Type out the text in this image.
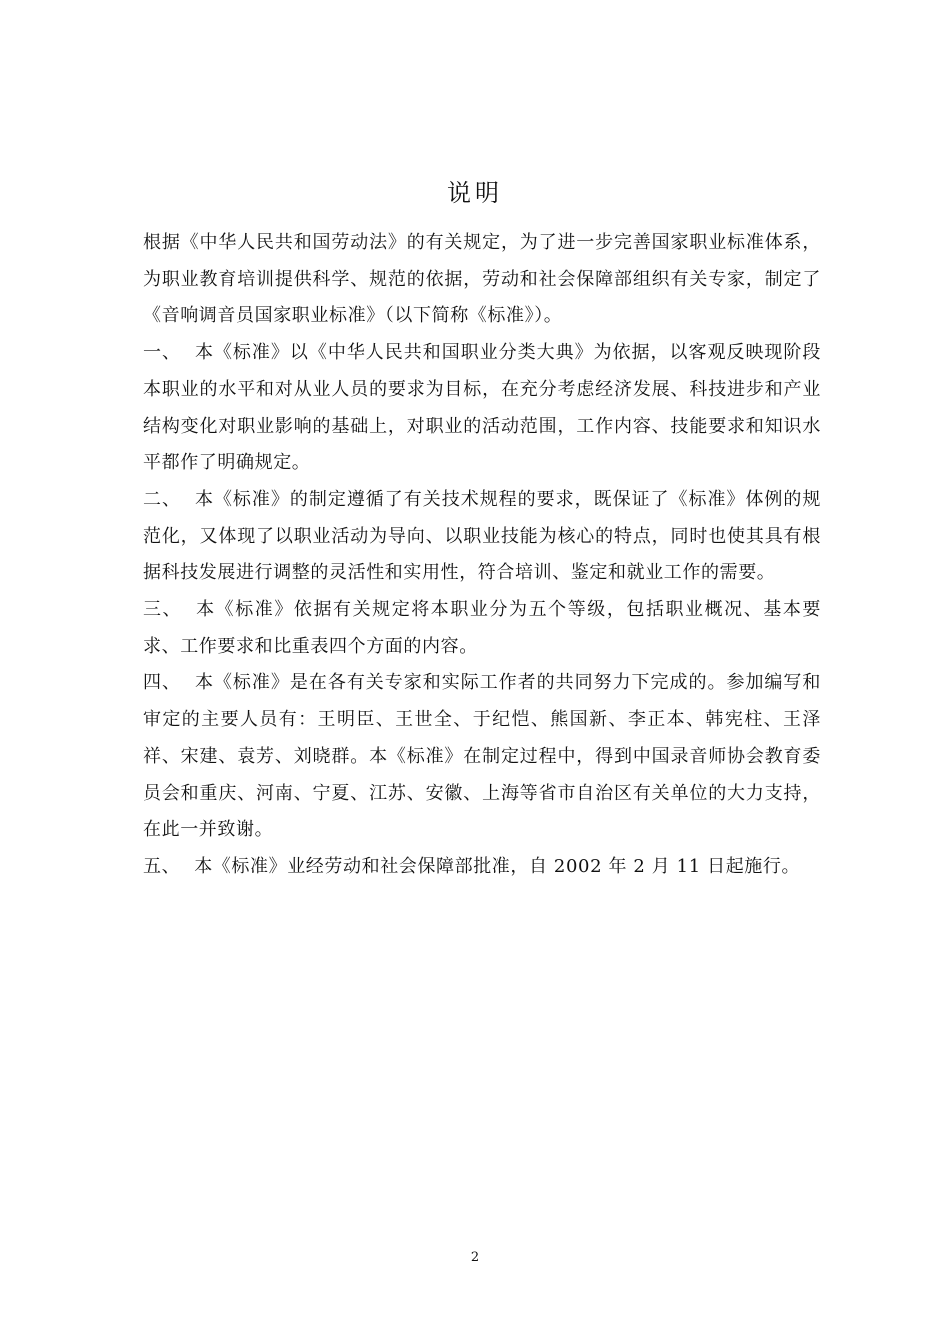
说明

根据《中华人民共和国劳动法》的有关规定，为了进一步完善国家职业标准体系，为职业教育培训提供科学、规范的依据，劳动和社会保障部组织有关专家，制定了《音响调音员国家职业标准》（以下简称《标准》）。

一、 本《标准》以《中华人民共和国职业分类大典》为依据，以客观反映现阶段本职业的水平和对从业人员的要求为目标，在充分考虑经济发展、科技进步和产业结构变化对职业影响的基础上，对职业的活动范围，工作内容、技能要求和知识水平都作了明确规定。

二、 本《标准》的制定遵循了有关技术规程的要求，既保证了《标准》体例的规范化，又体现了以职业活动为导向、以职业技能为核心的特点，同时也使其具有根据科技发展进行调整的灵活性和实用性，符合培训、鉴定和就业工作的需要。

三、 本《标准》依据有关规定将本职业分为五个等级，包括职业概况、基本要求、工作要求和比重表四个方面的内容。

四、 本《标准》是在各有关专家和实际工作者的共同努力下完成的。参加编写和审定的主要人员有：王明臣、王世全、于纪恺、熊国新、李正本、韩宪柱、王泽祥、宋建、袁芳、刘晓群。本《标准》在制定过程中，得到中国录音师协会教育委员会和重庆、河南、宁夏、江苏、安徽、上海等省市自治区有关单位的大力支持，在此一并致谢。

五、 本《标准》业经劳动和社会保障部批准，自 2002 年 2 月 11 日起施行。

2
